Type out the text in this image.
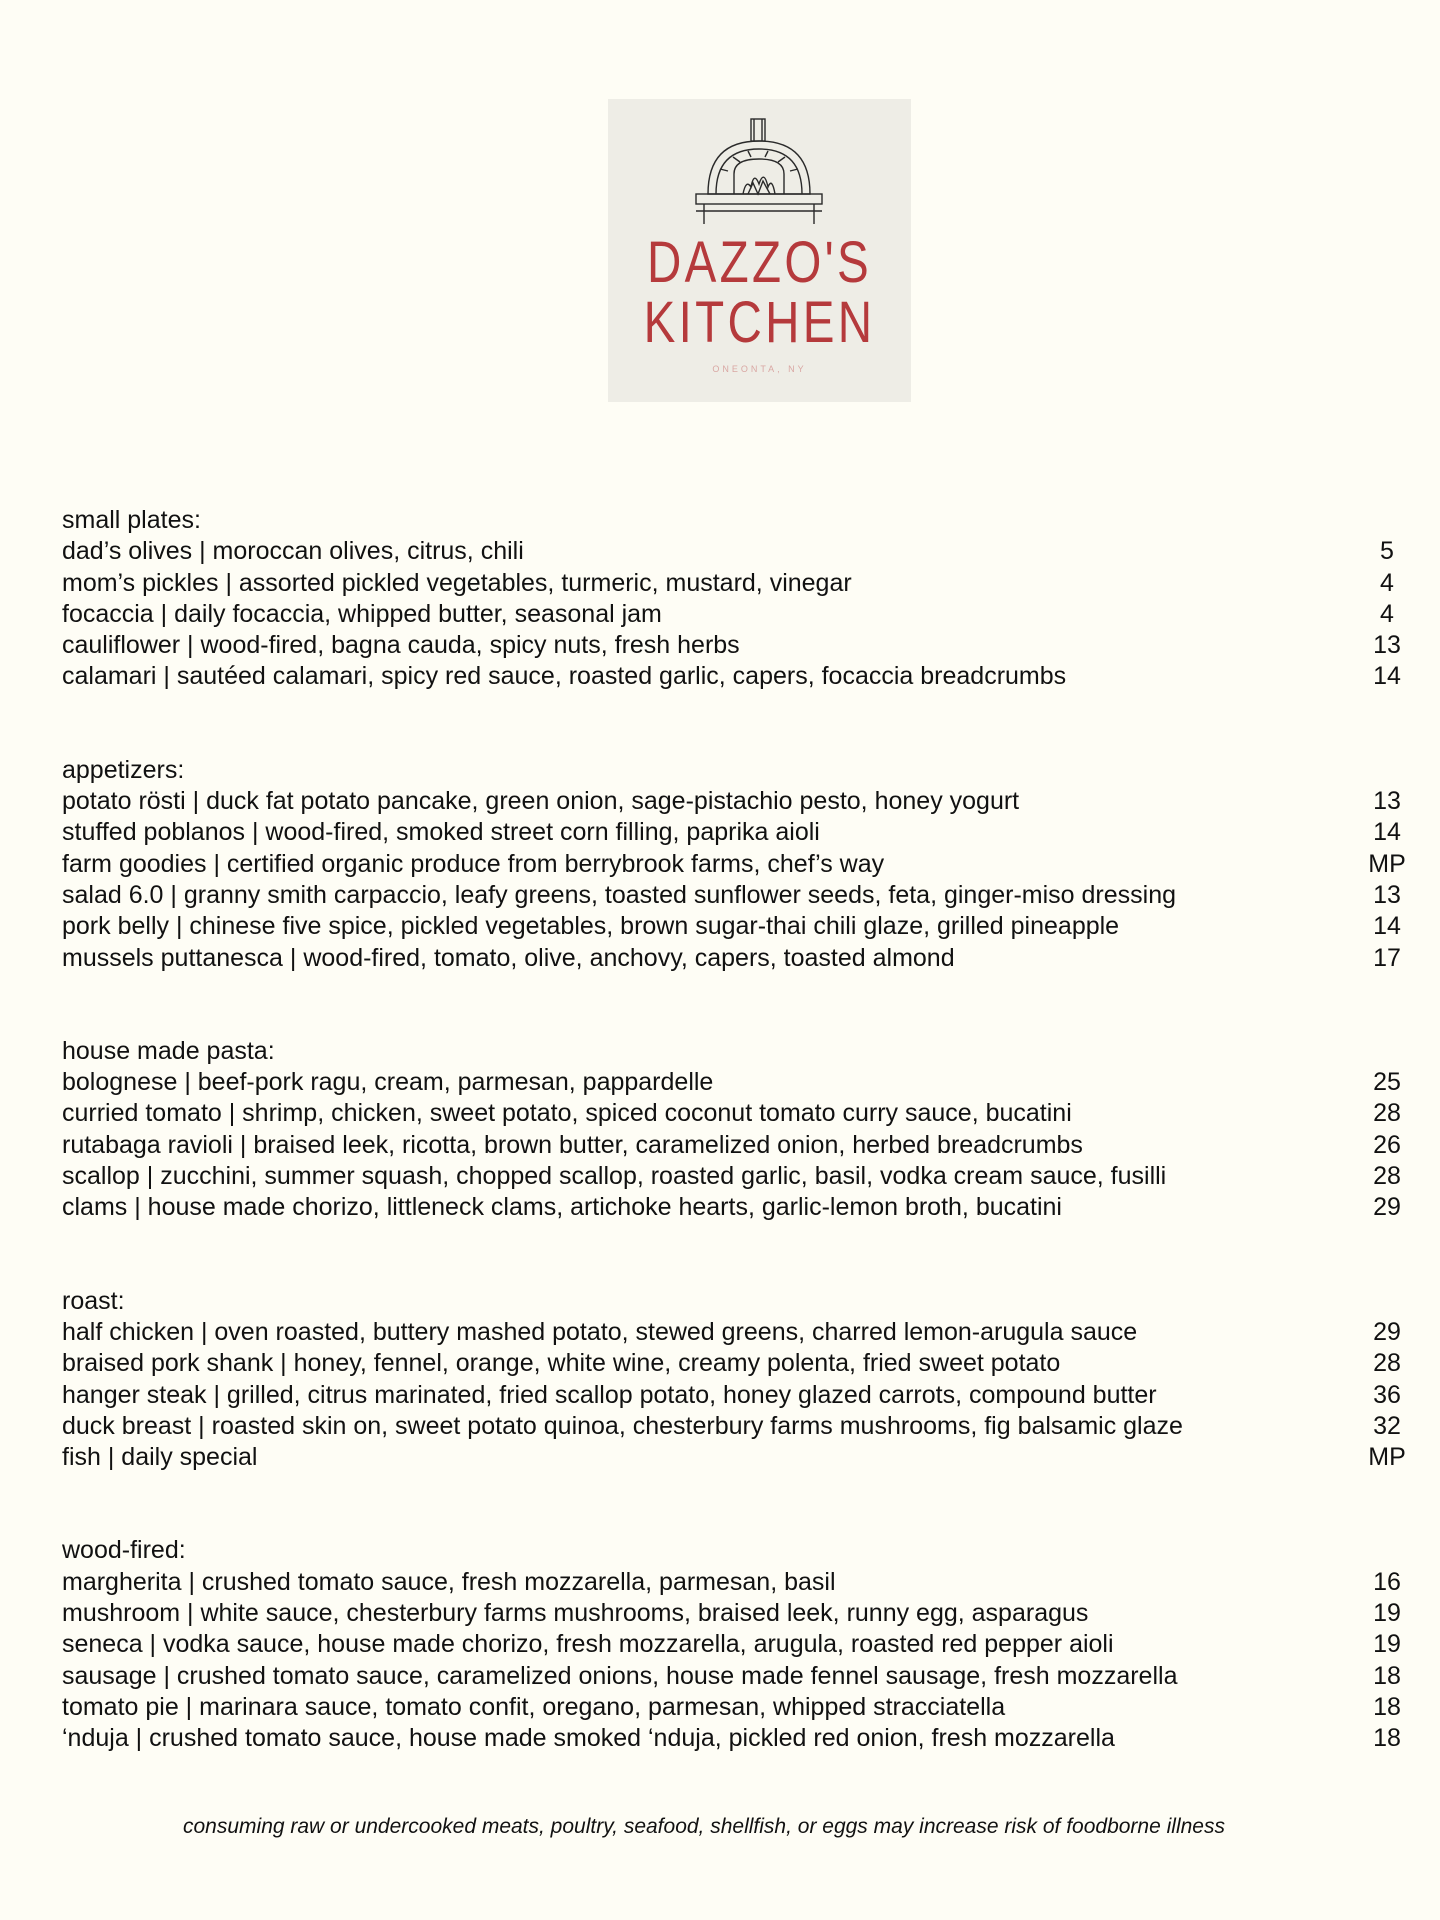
DAZZO'S
KITCHEN
ONEONTA, NY
small plates:
dad’s olives | moroccan olives, citrus, chili	5
mom’s pickles | assorted pickled vegetables, turmeric, mustard, vinegar	4
focaccia | daily focaccia, whipped butter, seasonal jam	4
cauliflower | wood-fired, bagna cauda, spicy nuts, fresh herbs	13
calamari | sautéed calamari, spicy red sauce, roasted garlic, capers, focaccia breadcrumbs	14
appetizers:
potato rösti | duck fat potato pancake, green onion, sage-pistachio pesto, honey yogurt	13
stuffed poblanos | wood-fired, smoked street corn filling, paprika aioli	14
farm goodies | certified organic produce from berrybrook farms, chef’s way	MP
salad 6.0 | granny smith carpaccio, leafy greens, toasted sunflower seeds, feta, ginger-miso dressing	13
pork belly | chinese five spice, pickled vegetables, brown sugar-thai chili glaze, grilled pineapple	14
mussels puttanesca | wood-fired, tomato, olive, anchovy, capers, toasted almond	17
house made pasta:
bolognese | beef-pork ragu, cream, parmesan, pappardelle	25
curried tomato | shrimp, chicken, sweet potato, spiced coconut tomato curry sauce, bucatini	28
rutabaga ravioli | braised leek, ricotta, brown butter, caramelized onion, herbed breadcrumbs	26
scallop | zucchini, summer squash, chopped scallop, roasted garlic, basil, vodka cream sauce, fusilli	28
clams | house made chorizo, littleneck clams, artichoke hearts, garlic-lemon broth, bucatini	29
roast:
half chicken | oven roasted, buttery mashed potato, stewed greens, charred lemon-arugula sauce	29
braised pork shank | honey, fennel, orange, white wine, creamy polenta, fried sweet potato	28
hanger steak | grilled, citrus marinated, fried scallop potato, honey glazed carrots, compound butter	36
duck breast | roasted skin on, sweet potato quinoa, chesterbury farms mushrooms, fig balsamic glaze	32
fish | daily special	MP
wood-fired:
margherita | crushed tomato sauce, fresh mozzarella, parmesan, basil	16
mushroom | white sauce, chesterbury farms mushrooms, braised leek, runny egg, asparagus	19
seneca | vodka sauce, house made chorizo, fresh mozzarella, arugula, roasted red pepper aioli	19
sausage | crushed tomato sauce, caramelized onions, house made fennel sausage, fresh mozzarella	18
tomato pie | marinara sauce, tomato confit, oregano, parmesan, whipped stracciatella	18
‘nduja | crushed tomato sauce, house made smoked ‘nduja, pickled red onion, fresh mozzarella	18
consuming raw or undercooked meats, poultry, seafood, shellfish, or eggs may increase risk of foodborne illness
